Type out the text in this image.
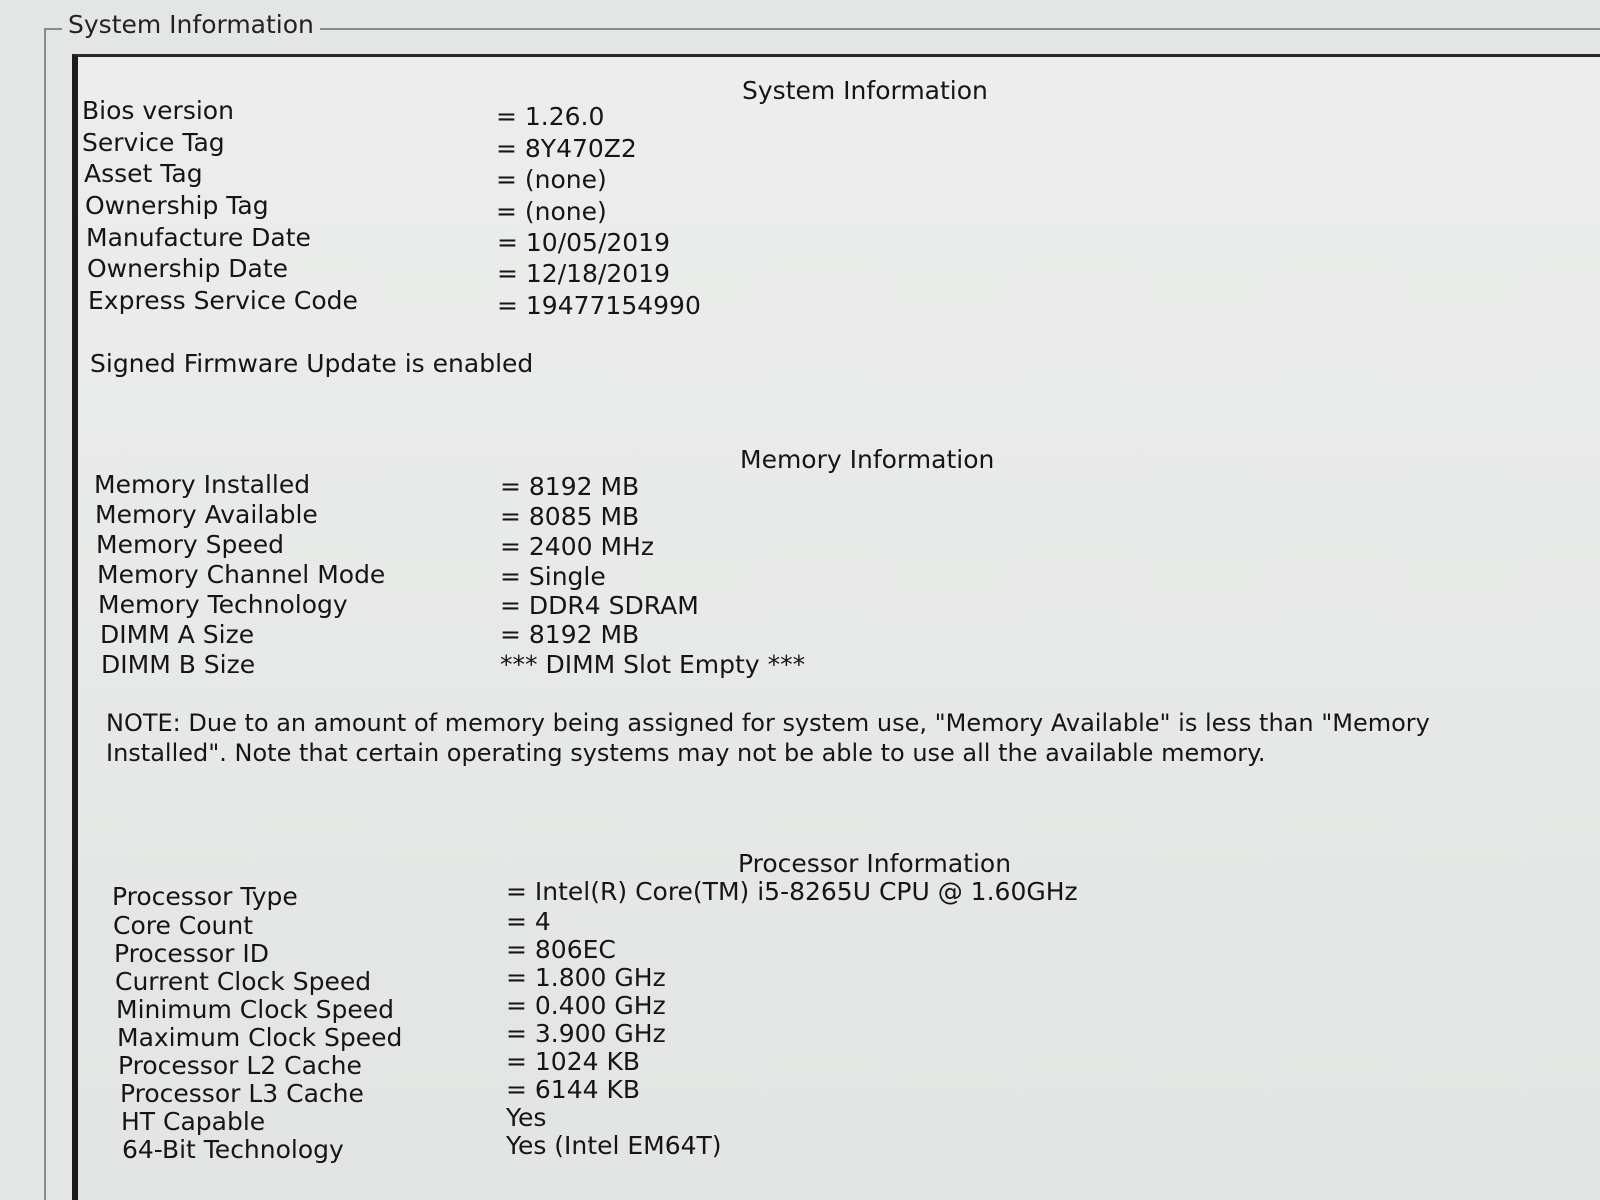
System Information
System Information
Bios version	= 1.26.0
Service Tag	= 8Y470Z2
Asset Tag	= (none)
Ownership Tag	= (none)
Manufacture Date	= 10/05/2019
Ownership Date	= 12/18/2019
Express Service Code	= 19477154990
Signed Firmware Update is enabled
Memory Information
Memory Installed	= 8192 MB
Memory Available	= 8085 MB
Memory Speed	= 2400 MHz
Memory Channel Mode	= Single
Memory Technology	= DDR4 SDRAM
DIMM A Size	= 8192 MB
DIMM B Size	*** DIMM Slot Empty ***
NOTE: Due to an amount of memory being assigned for system use, "Memory Available" is less than "Memory Installed". Note that certain operating systems may not be able to use all the available memory.
Processor Information
Processor Type	= Intel(R) Core(TM) i5-8265U CPU @ 1.60GHz
Core Count	= 4
Processor ID	= 806EC
Current Clock Speed	= 1.800 GHz
Minimum Clock Speed	= 0.400 GHz
Maximum Clock Speed	= 3.900 GHz
Processor L2 Cache	= 1024 KB
Processor L3 Cache	= 6144 KB
HT Capable	Yes
64-Bit Technology	Yes (Intel EM64T)
